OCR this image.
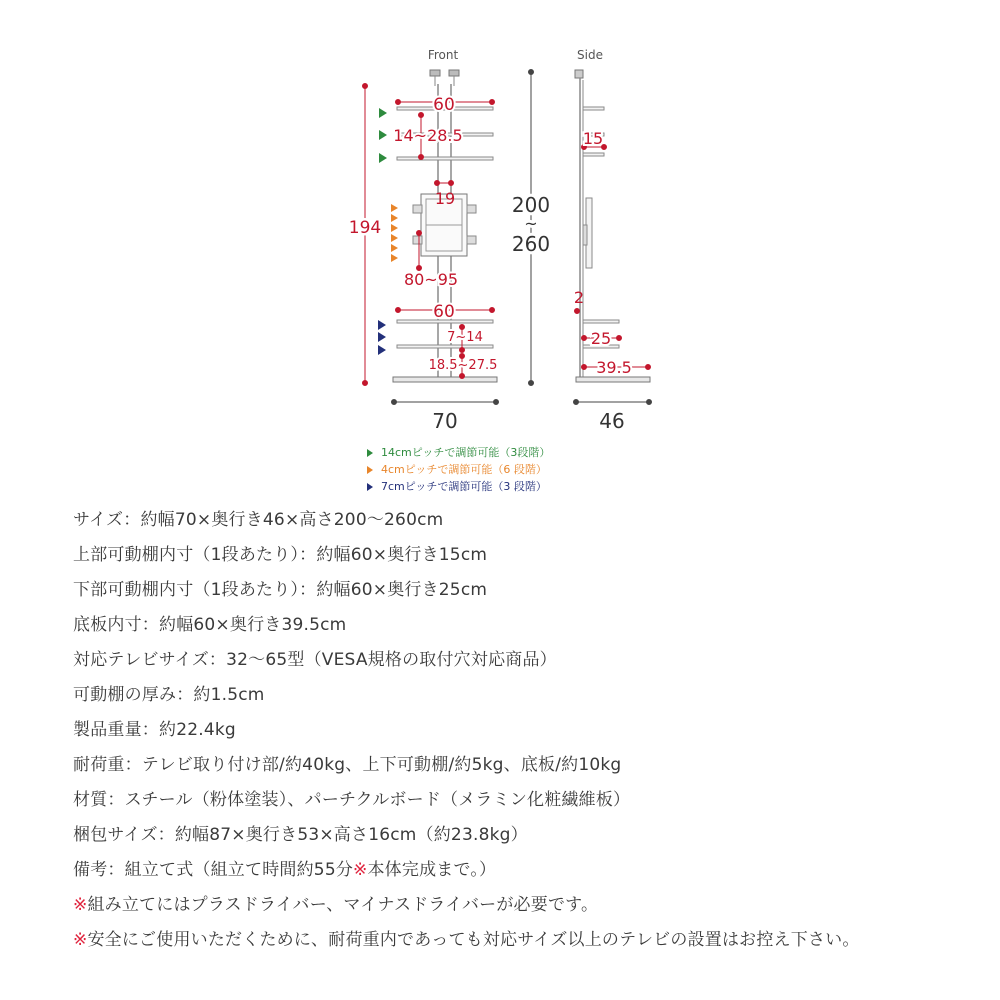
Front	Side
60
14~28.5
19
194
80~95
60
7~14
18.5~27.5
70
200
~
260
15
2
25
39.5
46
14cmピッチで調節可能（3段階）
4cmピッチで調節可能（6 段階）
7cmピッチで調節可能（3 段階）
サイズ：約幅70×奥行き46×高さ200〜260cm
上部可動棚内寸（1段あたり）：約幅60×奥行き15cm
下部可動棚内寸（1段あたり）：約幅60×奥行き25cm
底板内寸：約幅60×奥行き39.5cm
対応テレビサイズ：32〜65型（VESA規格の取付穴対応商品）
可動棚の厚み：約1.5cm
製品重量：約22.4kg
耐荷重：テレビ取り付け部/約40kg、上下可動棚/約5kg、底板/約10kg
材質：スチール（粉体塗装）、パーチクルボード（メラミン化粧繊維板）
梱包サイズ：約幅87×奥行き53×高さ16cm（約23.8kg）
備考：組立て式（組立て時間約55分※本体完成まで。）
※組み立てにはプラスドライバー、マイナスドライバーが必要です。
※安全にご使用いただくために、耐荷重内であっても対応サイズ以上のテレビの設置はお控え下さい。
